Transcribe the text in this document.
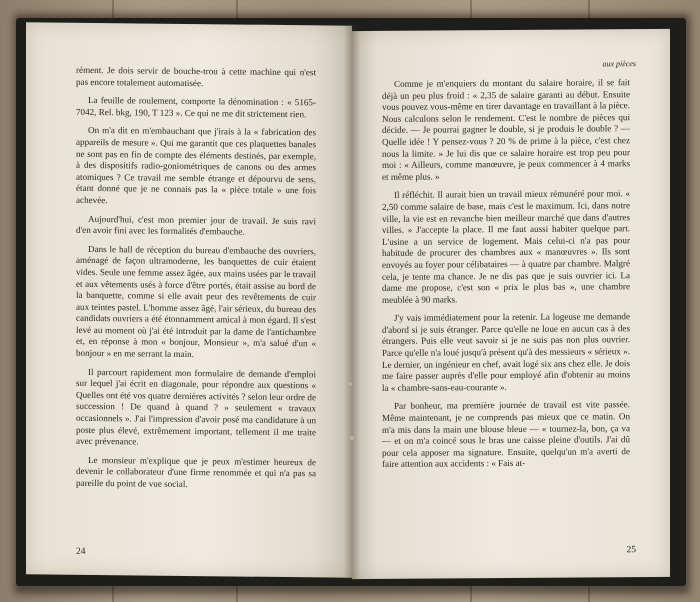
rément. Je dois servir de bouche-trou à cette machine qui n'est pas encore totalement automatisée.

La feuille de roulement, comporte la dénomination : « 5165-7042, Rel. bkg, 190, T 123 ». Ce qui ne me dit strictement rien.

On m'a dit en m'embauchant que j'irais à la « fabrication des appareils de mesure ». Qui me garantit que ces plaquettes banales ne sont pas en fin de compte des éléments destinés, par exemple, à des dispositifs radio-goniométriques de canons ou des armes atomiques ? Ce travail me semble étrange et dépourvu de sens, étant donné que je ne connais pas la « pièce totale » une fois achevée.

Aujourd'hui, c'est mon premier jour de travail. Je suis ravi d'en avoir fini avec les formalités d'embauche.

Dans le hall de réception du bureau d'embauche des ouvriers, aménagé de façon ultramoderne, les banquettes de cuir étaient vides. Seule une femme assez âgée, aux mains usées par le travail et aux vêtements usés à force d'être portés, était assise au bord de la banquette, comme si elle avait peur des revêtements de cuir aux teintes pastel. L'homme assez âgé, l'air sérieux, du bureau des candidats ouvriers a été étonnamment amical à mon égard. Il s'est levé au moment où j'ai été introduit par la dame de l'antichambre et, en réponse à mon « bonjour, Monsieur », m'a salué d'un « bonjour » en me serrant la main.

Il parcourt rapidement mon formulaire de demande d'emploi sur lequel j'ai écrit en diagonale, pour répondre aux questions « Quelles ont été vos quatre dernières activités ? selon leur ordre de succession ! De quand à quand ? » seulement « travaux occasionnels ». J'ai l'impression d'avoir posé ma candidature à un poste plus élevé, extrêmement important, tellement il me traite avec prévenance.

Le monsieur m'explique que je peux m'estimer heureux de devenir le collaborateur d'une firme renommée et qui n'a pas sa pareille du point de vue social.

24
aux pièces

Comme je m'enquiers du montant du salaire horaire, il se fait déjà un peu plus froid : « 2,35 de salaire garanti au début. Ensuite vous pouvez vous-même en tirer davantage en travaillant à la pièce. Nous calculons selon le rendement. C'est le nombre de pièces qui décide. — Je pourrai gagner le double, si je produis le double ? — Quelle idée ! Y pensez-vous ? 20 % de prime à la pièce, c'est chez nous la limite. » Je lui dis que ce salaire horaire est trop peu pour moi : « Ailleurs, comme manœuvre, je peux commencer à 4 marks et même plus. »

Il réfléchit. Il aurait bien un travail mieux rémunéré pour moi. « 2,50 comme salaire de base, mais c'est le maximum. Ici, dans notre ville, la vie est en revanche bien meilleur marché que dans d'autres villes. » J'accepte la place. Il me faut aussi habiter quelque part. L'usine a un service de logement. Mais celui-ci n'a pas pour habitude de procurer des chambres aux « manœuvres ». Ils sont envoyés au foyer pour célibataires — à quatre par chambre. Malgré cela, je tente ma chance. Je ne dis pas que je suis ouvrier ici. La dame me propose, c'est son « prix le plus bas », une chambre meublée à 90 marks.

J'y vais immédiatement pour la retenir. La logeuse me demande d'abord si je suis étranger. Parce qu'elle ne loue en aucun cas à des étrangers. Puis elle veut savoir si je ne suis pas non plus ouvrier. Parce qu'elle n'a loué jusqu'à présent qu'à des messieurs « sérieux ». Le dernier, un ingénieur en chef, avait logé six ans chez elle. Je dois me faire passer auprès d'elle pour employé afin d'obtenir au moins la « chambre-sans-eau-courante ».

Par bonheur, ma première journée de travail est vite passée. Même maintenant, je ne comprends pas mieux que ce matin. On m'a mis dans la main une blouse bleue — « tournez-la, bon, ça va — et on m'a coincé sous le bras une caisse pleine d'outils. J'ai dû pour cela apposer ma signature. Ensuite, quelqu'un m'a averti de faire attention aux accidents : « Fais at-

25
